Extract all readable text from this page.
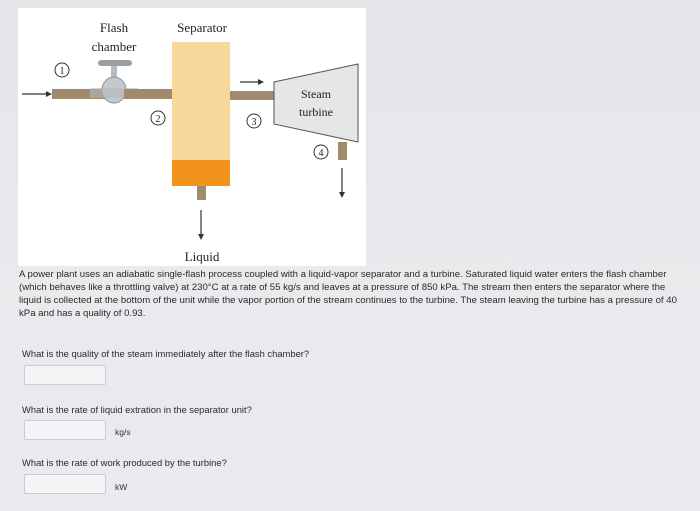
1
2	3
4
Flash
chamber
Separator
Steam
turbine
Liquid
A power plant uses an adiabatic single-flash process coupled with a liquid-vapor separator and a turbine. Saturated liquid water enters the flash chamber (which behaves like a throttling valve) at 230°C at a rate of 55 kg/s and leaves at a pressure of 850 kPa. The stream then enters the separator where the liquid is collected at the bottom of the unit while the vapor portion of the stream continues to the turbine. The steam leaving the turbine has a pressure of 40 kPa and has a quality of 0.93.
What is the quality of the steam immediately after the flash chamber?
What is the rate of liquid extration in the separator unit?
kg/s
What is the rate of work produced by the turbine?
kW
